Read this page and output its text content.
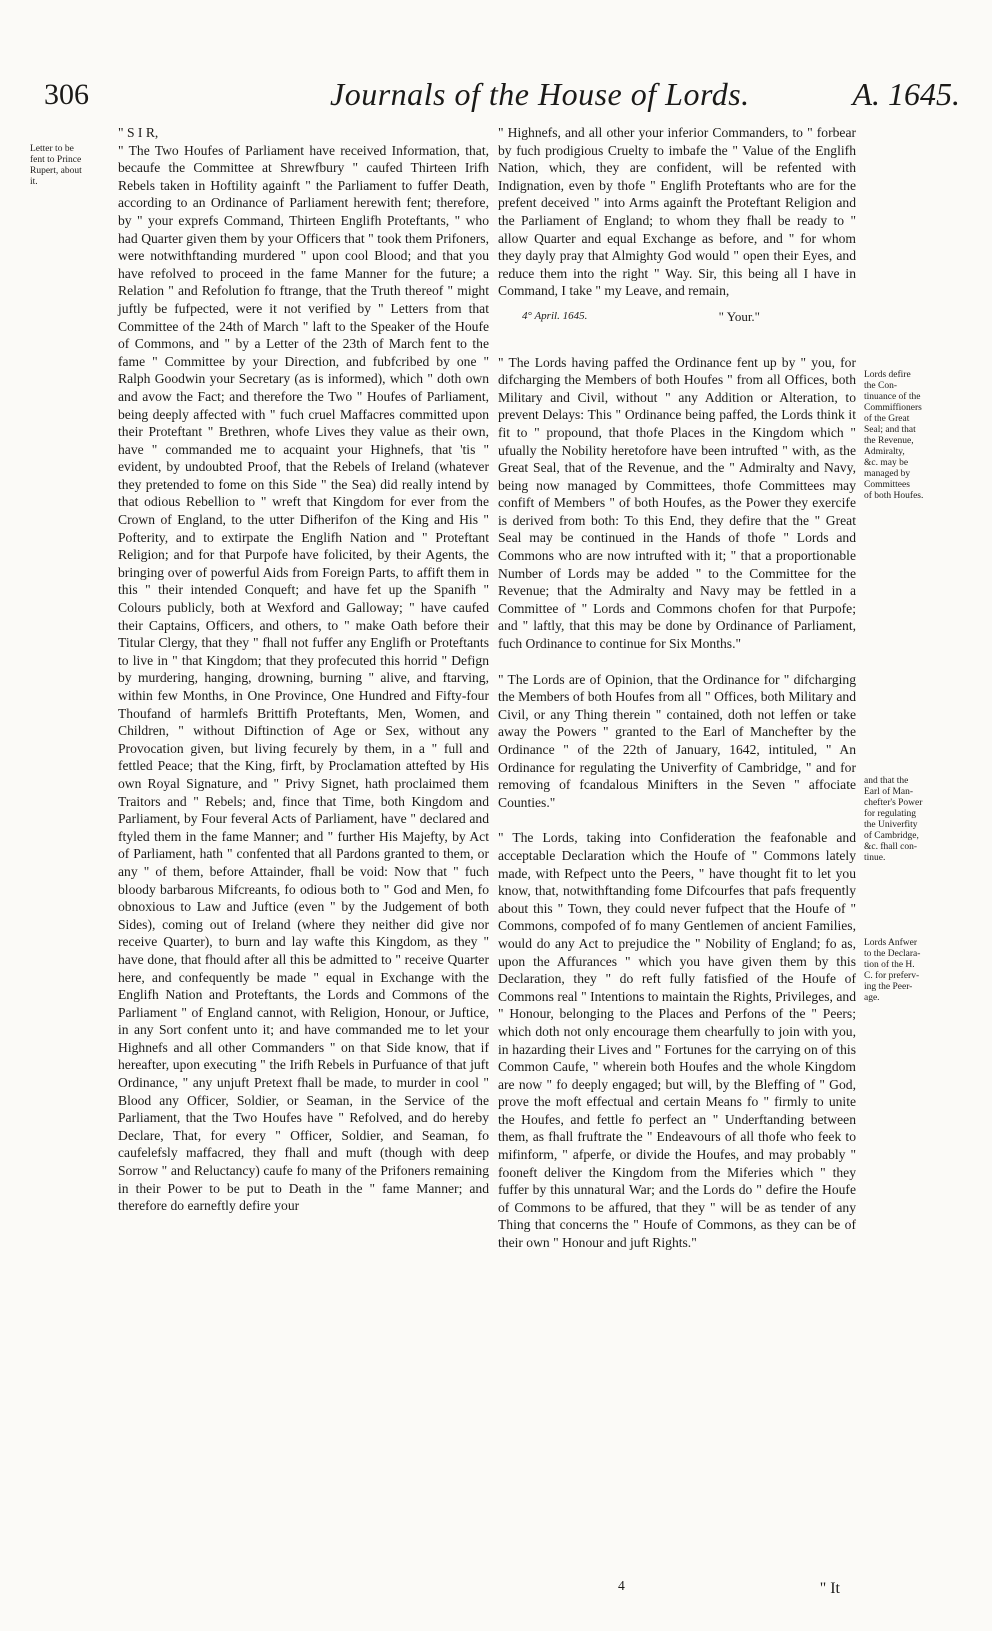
306	Journals of the House of Lords.	A. 1645.
Letter to be
fent to Prince
Rupert, about
it.
Lords defire
the Con-
tinuance of the
Commiffioners
of the Great
Seal; and that
the Revenue,
Admiralty,
&c. may be
managed by
Committees
of both Houfes.
and that the
Earl of Man-
chefter's Power
for regulating
the Univerfity
of Cambridge,
&c. fhall con-
tinue.
Lords Anfwer
to the Declara-
tion of the H.
C. for preferv-
ing the Peer-
age.

" S I R,

" The Two Houfes of Parliament have received Information, that, becaufe the Committee at Shrewfbury " caufed Thirteen Irifh Rebels taken in Hoftility againft " the Parliament to fuffer Death, according to an Ordinance of Parliament herewith fent; therefore, by " your exprefs Command, Thirteen Englifh Proteftants, " who had Quarter given them by your Officers that " took them Prifoners, were notwithftanding murdered " upon cool Blood; and that you have refolved to proceed in the fame Manner for the future; a Relation " and Refolution fo ftrange, that the Truth thereof " might juftly be fufpected, were it not verified by " Letters from that Committee of the 24th of March " laft to the Speaker of the Houfe of Commons, and " by a Letter of the 23th of March fent to the fame " Committee by your Direction, and fubfcribed by one " Ralph Goodwin your Secretary (as is informed), which " doth own and avow the Fact; and therefore the Two " Houfes of Parliament, being deeply affected with " fuch cruel Maffacres committed upon their Proteftant " Brethren, whofe Lives they value as their own, have " commanded me to acquaint your Highnefs, that 'tis " evident, by undoubted Proof, that the Rebels of Ireland (whatever they pretended to fome on this Side " the Sea) did really intend by that odious Rebellion to " wreft that Kingdom for ever from the Crown of England, to the utter Difherifon of the King and His " Pofterity, and to extirpate the Englifh Nation and " Proteftant Religion; and for that Purpofe have folicited, by their Agents, the bringing over of powerful Aids from Foreign Parts, to affift them in this " their intended Conqueft; and have fet up the Spanifh " Colours publicly, both at Wexford and Galloway; " have caufed their Captains, Officers, and others, to " make Oath before their Titular Clergy, that they " fhall not fuffer any Englifh or Proteftants to live in " that Kingdom; that they profecuted this horrid " Defign by murdering, hanging, drowning, burning " alive, and ftarving, within few Months, in One Province, One Hundred and Fifty-four Thoufand of harmlefs Brittifh Proteftants, Men, Women, and Children, " without Diftinction of Age or Sex, without any Provocation given, but living fecurely by them, in a " full and fettled Peace; that the King, firft, by Proclamation attefted by His own Royal Signature, and " Privy Signet, hath proclaimed them Traitors and " Rebels; and, fince that Time, both Kingdom and Parliament, by Four feveral Acts of Parliament, have " declared and ftyled them in the fame Manner; and " further His Majefty, by Act of Parliament, hath " confented that all Pardons granted to them, or any " of them, before Attainder, fhall be void: Now that " fuch bloody barbarous Mifcreants, fo odious both to " God and Men, fo obnoxious to Law and Juftice (even " by the Judgement of both Sides), coming out of Ireland (where they neither did give nor receive Quarter), to burn and lay wafte this Kingdom, as they " have done, that fhould after all this be admitted to " receive Quarter here, and confequently be made " equal in Exchange with the Englifh Nation and Proteftants, the Lords and Commons of the Parliament " of England cannot, with Religion, Honour, or Juftice, in any Sort confent unto it; and have commanded me to let your Highnefs and all other Commanders " on that Side know, that if hereafter, upon executing " the Irifh Rebels in Purfuance of that juft Ordinance, " any unjuft Pretext fhall be made, to murder in cool " Blood any Officer, Soldier, or Seaman, in the Service of the Parliament, that the Two Houfes have " Refolved, and do hereby Declare, That, for every " Officer, Soldier, and Seaman, fo caufelefsly maffacred, they fhall and muft (though with deep Sorrow " and Reluctancy) caufe fo many of the Prifoners remaining in their Power to be put to Death in the " fame Manner; and therefore do earneftly defire your

" Highnefs, and all other your inferior Commanders, to " forbear by fuch prodigious Cruelty to imbafe the " Value of the Englifh Nation, which, they are confident, will be refented with Indignation, even by thofe " Englifh Proteftants who are for the prefent deceived " into Arms againft the Proteftant Religion and the Parliament of England; to whom they fhall be ready to " allow Quarter and equal Exchange as before, and " for whom they dayly pray that Almighty God would " open their Eyes, and reduce them into the right " Way. Sir, this being all I have in Command, I take " my Leave, and remain,

4° April. 1645.	" Your."

" The Lords having paffed the Ordinance fent up by " you, for difcharging the Members of both Houfes " from all Offices, both Military and Civil, without " any Addition or Alteration, to prevent Delays: This " Ordinance being paffed, the Lords think it fit to " propound, that thofe Places in the Kingdom which " ufually the Nobility heretofore have been intrufted " with, as the Great Seal, that of the Revenue, and the " Admiralty and Navy, being now managed by Committees, thofe Committees may confift of Members " of both Houfes, as the Power they exercife is derived from both: To this End, they defire that the " Great Seal may be continued in the Hands of thofe " Lords and Commons who are now intrufted with it; " that a proportionable Number of Lords may be added " to the Committee for the Revenue; that the Admiralty and Navy may be fettled in a Committee of " Lords and Commons chofen for that Purpofe; and " laftly, that this may be done by Ordinance of Parliament, fuch Ordinance to continue for Six Months."

" The Lords are of Opinion, that the Ordinance for " difcharging the Members of both Houfes from all " Offices, both Military and Civil, or any Thing therein " contained, doth not leffen or take away the Powers " granted to the Earl of Manchefter by the Ordinance " of the 22th of January, 1642, intituled, " An Ordinance for regulating the Univerfity of Cambridge, " and for removing of fcandalous Minifters in the Seven " affociate Counties."

" The Lords, taking into Confideration the feafonable and acceptable Declaration which the Houfe of " Commons lately made, with Refpect unto the Peers, " have thought fit to let you know, that, notwithftanding fome Difcourfes that pafs frequently about this " Town, they could never fufpect that the Houfe of " Commons, compofed of fo many Gentlemen of ancient Families, would do any Act to prejudice the " Nobility of England; fo as, upon the Affurances " which you have given them by this Declaration, they " do reft fully fatisfied of the Houfe of Commons real " Intentions to maintain the Rights, Privileges, and " Honour, belonging to the Places and Perfons of the " Peers; which doth not only encourage them chearfully to join with you, in hazarding their Lives and " Fortunes for the carrying on of this Common Caufe, " wherein both Houfes and the whole Kingdom are now " fo deeply engaged; but will, by the Bleffing of " God, prove the moft effectual and certain Means fo " firmly to unite the Houfes, and fettle fo perfect an " Underftanding between them, as fhall fruftrate the " Endeavours of all thofe who feek to mifinform, " afperfe, or divide the Houfes, and may probably " fooneft deliver the Kingdom from the Miferies which " they fuffer by this unnatural War; and the Lords do " defire the Houfe of Commons to be affured, that they " will be as tender of any Thing that concerns the " Houfe of Commons, as they can be of their own " Honour and juft Rights."

4	" It
